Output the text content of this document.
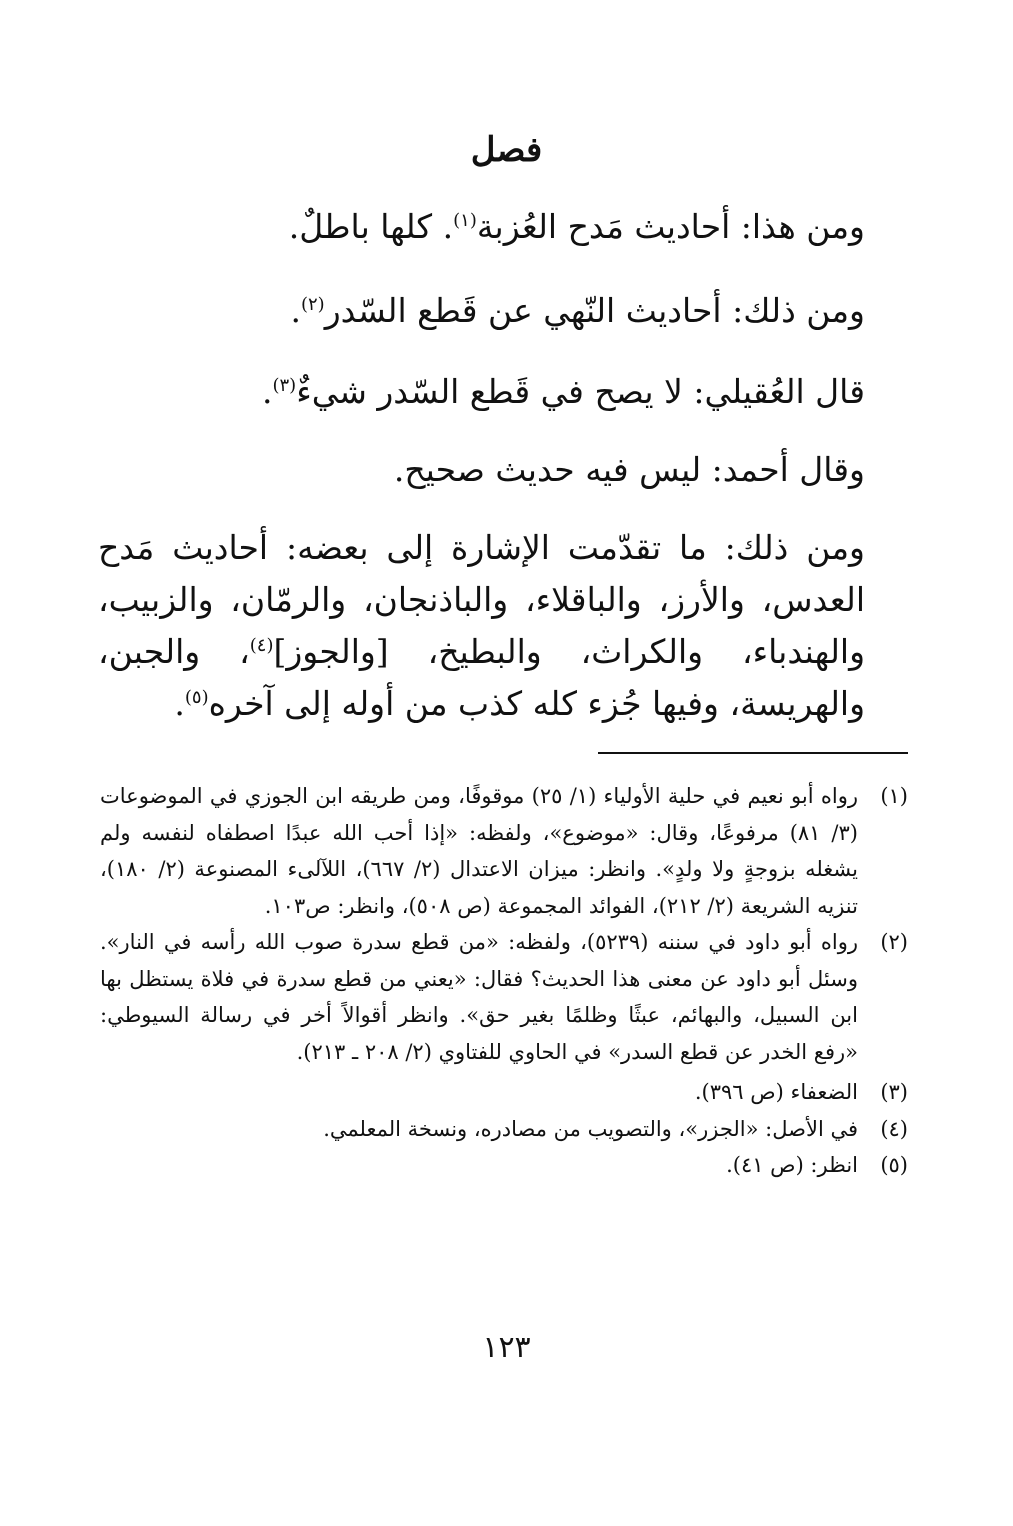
فصل

ومن هذا: أحاديث مَدح العُزبة$^{(١)}$. كلها باطلٌ.

ومن ذلك: أحاديث النّهي عن قَطع السّدر$^{(٢)}$.

قال العُقيلي: لا يصح في قَطع السّدر شيءٌ$^{(٣)}$.

وقال أحمد: ليس فيه حديث صحيح.

ومن ذلك: ما تقدّمت الإشارة إلى بعضه: أحاديث مَدح العدس، والأرز، والباقلاء، والباذنجان، والرمّان، والزبيب، والهندباء، والكراث، والبطيخ، [والجوز]$^{(٤)}$، والجبن، والهريسة، وفيها جُزء كله كذب من أوله إلى آخره$^{(٥)}$.

(١)
رواه أبو نعيم في حلية الأولياء (١/ ٢٥) موقوفًا، ومن طريقه ابن الجوزي في الموضوعات (٣/ ٨١) مرفوعًا، وقال: «موضوع»، ولفظه: «إذا أحب الله عبدًا اصطفاه لنفسه ولم يشغله بزوجةٍ ولا ولدٍ». وانظر: ميزان الاعتدال (٢/ ٦٦٧)، اللآلىء المصنوعة (٢/ ١٨٠)، تنزيه الشريعة (٢/ ٢١٢)، الفوائد المجموعة (ص ٥٠٨)، وانظر: ص١٠٣.
(٢)
رواه أبو داود في سننه (٥٢٣٩)، ولفظه: «من قطع سدرة صوب الله رأسه في النار». وسئل أبو داود عن معنى هذا الحديث؟ فقال: «يعني من قطع سدرة في فلاة يستظل بها ابن السبيل، والبهائم، عبثًا وظلمًا بغير حق». وانظر أقوالاً أخر في رسالة السيوطي: «رفع الخدر عن قطع السدر» في الحاوي للفتاوي (٢/ ٢٠٨ ـ ٢١٣).
(٣)
الضعفاء (ص ٣٩٦).
(٤)
في الأصل: «الجزر»، والتصويب من مصادره، ونسخة المعلمي.
(٥)
انظر: (ص ٤١).
١٢٣
